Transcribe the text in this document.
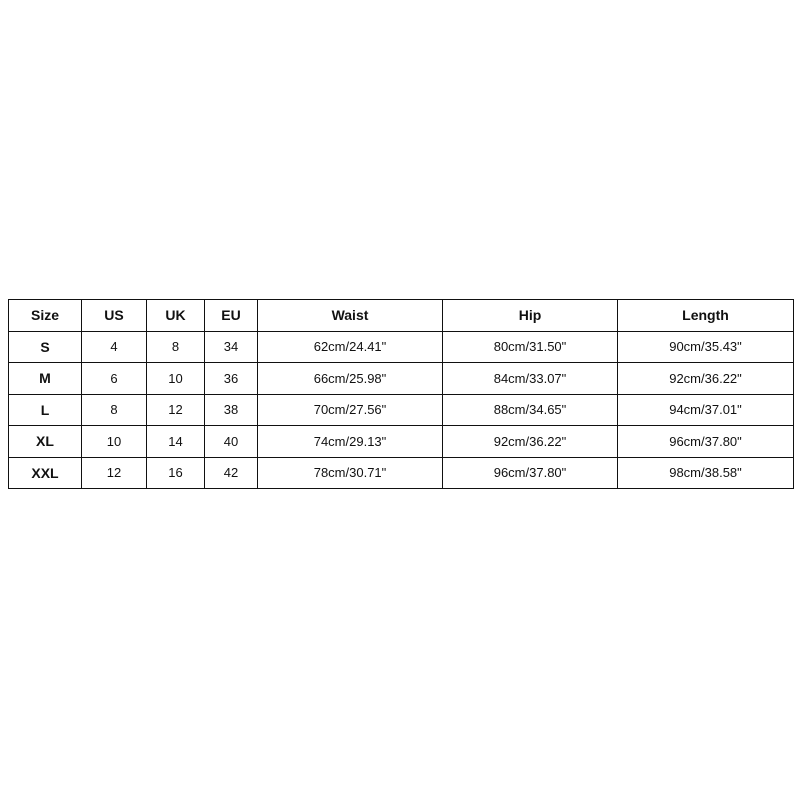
Size	US	UK	EU	Waist	Hip	Length
S	4	8	34	62cm/24.41"	80cm/31.50"	90cm/35.43"
M	6	10	36	66cm/25.98"	84cm/33.07"	92cm/36.22"
L	8	12	38	70cm/27.56"	88cm/34.65"	94cm/37.01"
XL	10	14	40	74cm/29.13"	92cm/36.22"	96cm/37.80"
XXL	12	16	42	78cm/30.71"	96cm/37.80"	98cm/38.58"
